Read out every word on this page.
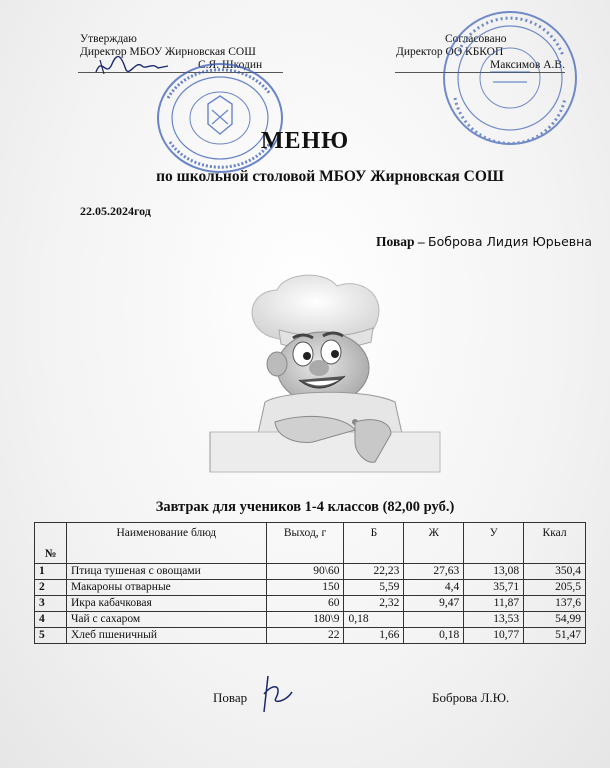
Утверждаю
Директор МБОУ Жирновская СОШ
С.Я. Шкодин
Согласовано
Директор ОО КБКОП
Максимов А.В.
МЕНЮ
по школьной столовой МБОУ Жирновская СОШ
22.05.2024год
Повар – Боброва Лидия Юрьевна
Завтрак для учеников 1-4 классов (82,00 руб.)
№	Наименование блюд	Выход, г	Б	Ж	У	Ккал
1	Птица тушеная с овощами	90\60	22,23	27,63	13,08	350,4
2	Макароны отварные	150	5,59	4,4	35,71	205,5
3	Икра кабачковая	60	2,32	9,47	11,87	137,6
4	Чай с сахаром	180\9	0,18		13,53	54,99
5	Хлеб пшеничный	22	1,66	0,18	10,77	51,47
Повар	Боброва Л.Ю.
